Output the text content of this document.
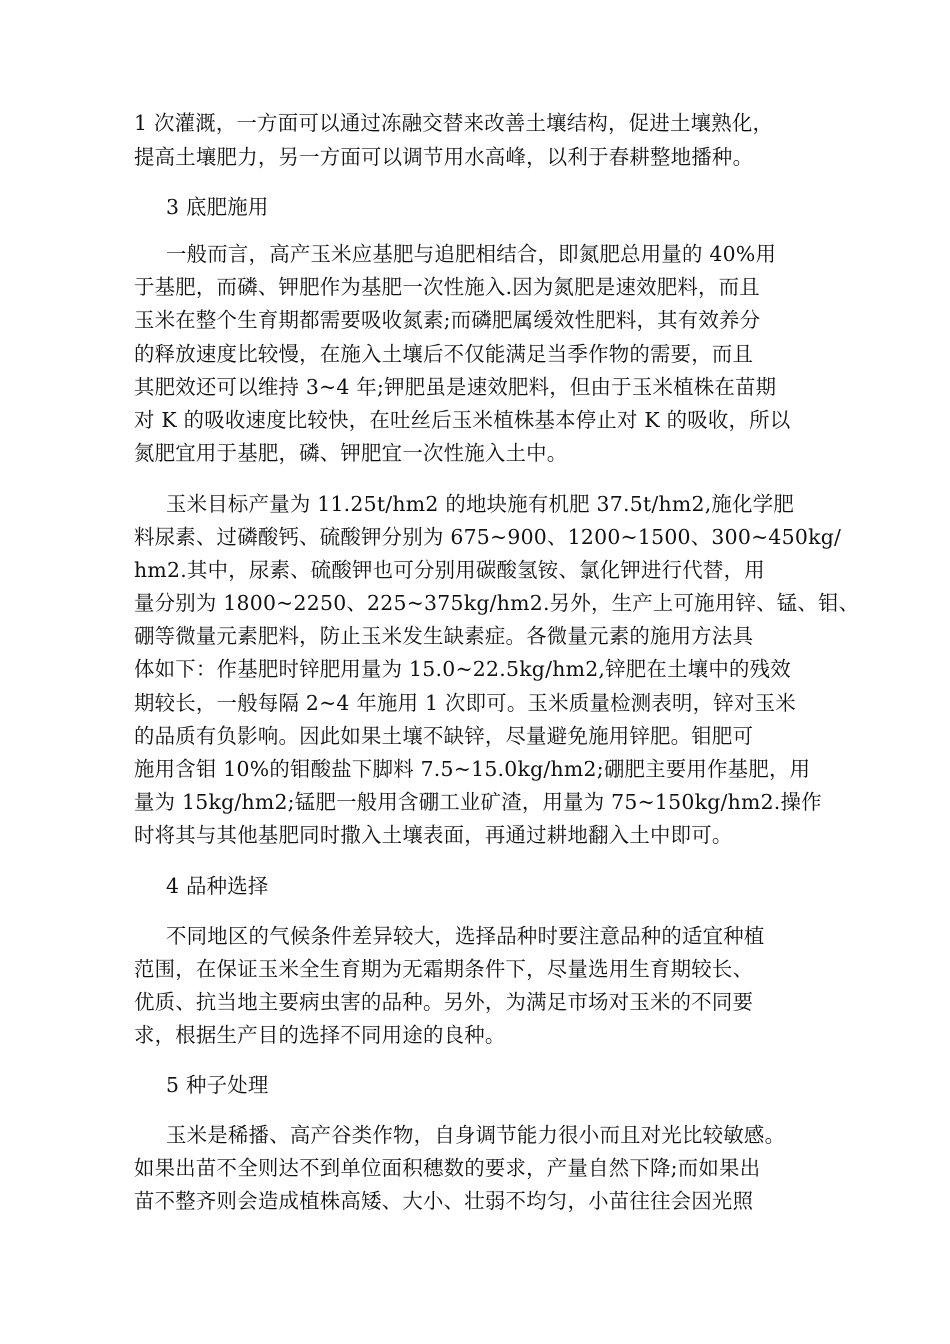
1 次灌溉，一方面可以通过冻融交替来改善土壤结构，促进土壤熟化，
提高土壤肥力，另一方面可以调节用水高峰，以利于春耕整地播种。
3 底肥施用
一般而言，高产玉米应基肥与追肥相结合，即氮肥总用量的 40%用
于基肥，而磷、钾肥作为基肥一次性施入.因为氮肥是速效肥料，而且
玉米在整个生育期都需要吸收氮素;而磷肥属缓效性肥料，其有效养分
的释放速度比较慢，在施入土壤后不仅能满足当季作物的需要，而且
其肥效还可以维持 3~4 年;钾肥虽是速效肥料，但由于玉米植株在苗期
对 K 的吸收速度比较快，在吐丝后玉米植株基本停止对 K 的吸收，所以
氮肥宜用于基肥，磷、钾肥宜一次性施入土中。
玉米目标产量为 11.25t/hm2 的地块施有机肥 37.5t/hm2,施化学肥
料尿素、过磷酸钙、硫酸钾分别为 675~900、1200~1500、300~450kg/
hm2.其中，尿素、硫酸钾也可分别用碳酸氢铵、氯化钾进行代替，用
量分别为 1800~2250、225~375kg/hm2.另外，生产上可施用锌、锰、钼、
硼等微量元素肥料，防止玉米发生缺素症。各微量元素的施用方法具
体如下：作基肥时锌肥用量为 15.0~22.5kg/hm2,锌肥在土壤中的残效
期较长，一般每隔 2~4 年施用 1 次即可。玉米质量检测表明，锌对玉米
的品质有负影响。因此如果土壤不缺锌，尽量避免施用锌肥。钼肥可
施用含钼 10%的钼酸盐下脚料 7.5~15.0kg/hm2;硼肥主要用作基肥，用
量为 15kg/hm2;锰肥一般用含硼工业矿渣，用量为 75~150kg/hm2.操作
时将其与其他基肥同时撒入土壤表面，再通过耕地翻入土中即可。
4 品种选择
不同地区的气候条件差异较大，选择品种时要注意品种的适宜种植
范围，在保证玉米全生育期为无霜期条件下，尽量选用生育期较长、
优质、抗当地主要病虫害的品种。另外，为满足市场对玉米的不同要
求，根据生产目的选择不同用途的良种。
5 种子处理
玉米是稀播、高产谷类作物，自身调节能力很小而且对光比较敏感。
如果出苗不全则达不到单位面积穗数的要求，产量自然下降;而如果出
苗不整齐则会造成植株高矮、大小、壮弱不均匀，小苗往往会因光照
